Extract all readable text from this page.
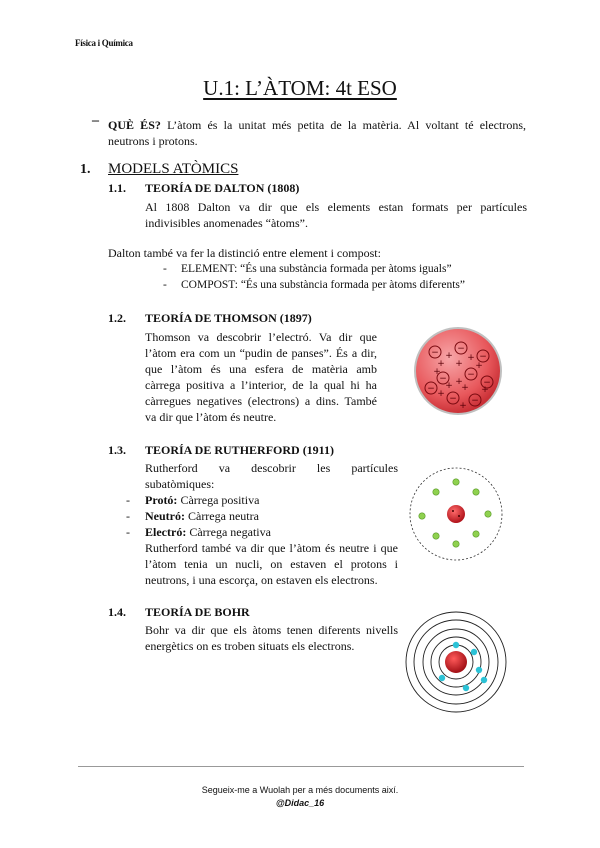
Física i Química
U.1: L’ÀTOM: 4t ESO
– QUÈ ÉS? L’àtom és la unitat més petita de la matèria. Al voltant té electrons,
neutrons i protons.
1. MODELS ATÒMICS
1.1. TEORÍA DE DALTON (1808)
Al 1808 Dalton va dir que els elements estan formats per partícules
indivisibles anomenades “àtoms”.
Dalton també va fer la distinció entre element i compost:
- ELEMENT: “És una substància formada per àtoms iguals”
- COMPOST: “És una substància formada per àtoms diferents”
1.2. TEORÍA DE THOMSON (1897)
Thomson va descobrir l’electró. Va dir que
l’àtom era com un “pudin de panses”. És a dir,
que l’àtom és una esfera de matèria amb
càrrega positiva a l’interior, de la qual hi ha
càrregues negatives (electrons) a dins. També
va dir que l’àtom és neutre.
− −
−
− −
−
− −
−
+ +
+ + +
+
+
+ + +
+
+
1.3. TEORÍA DE RUTHERFORD (1911)
Rutherford va descobrir les partícules
subatòmiques:
- Protó: Càrrega positiva
- Neutró: Càrrega neutra
- Electró: Càrrega negativa
Rutherford també va dir que l’àtom és neutre i que
l’àtom tenia un nucli, on estaven el protons i
neutrons, i una escorça, on estaven els electrons.
1.4. TEORÍA DE BOHR
Bohr va dir que els àtoms tenen diferents nivells
energètics on es troben situats els electrons.
Segueix-me a Wuolah per a més documents així.
@Didac_16
